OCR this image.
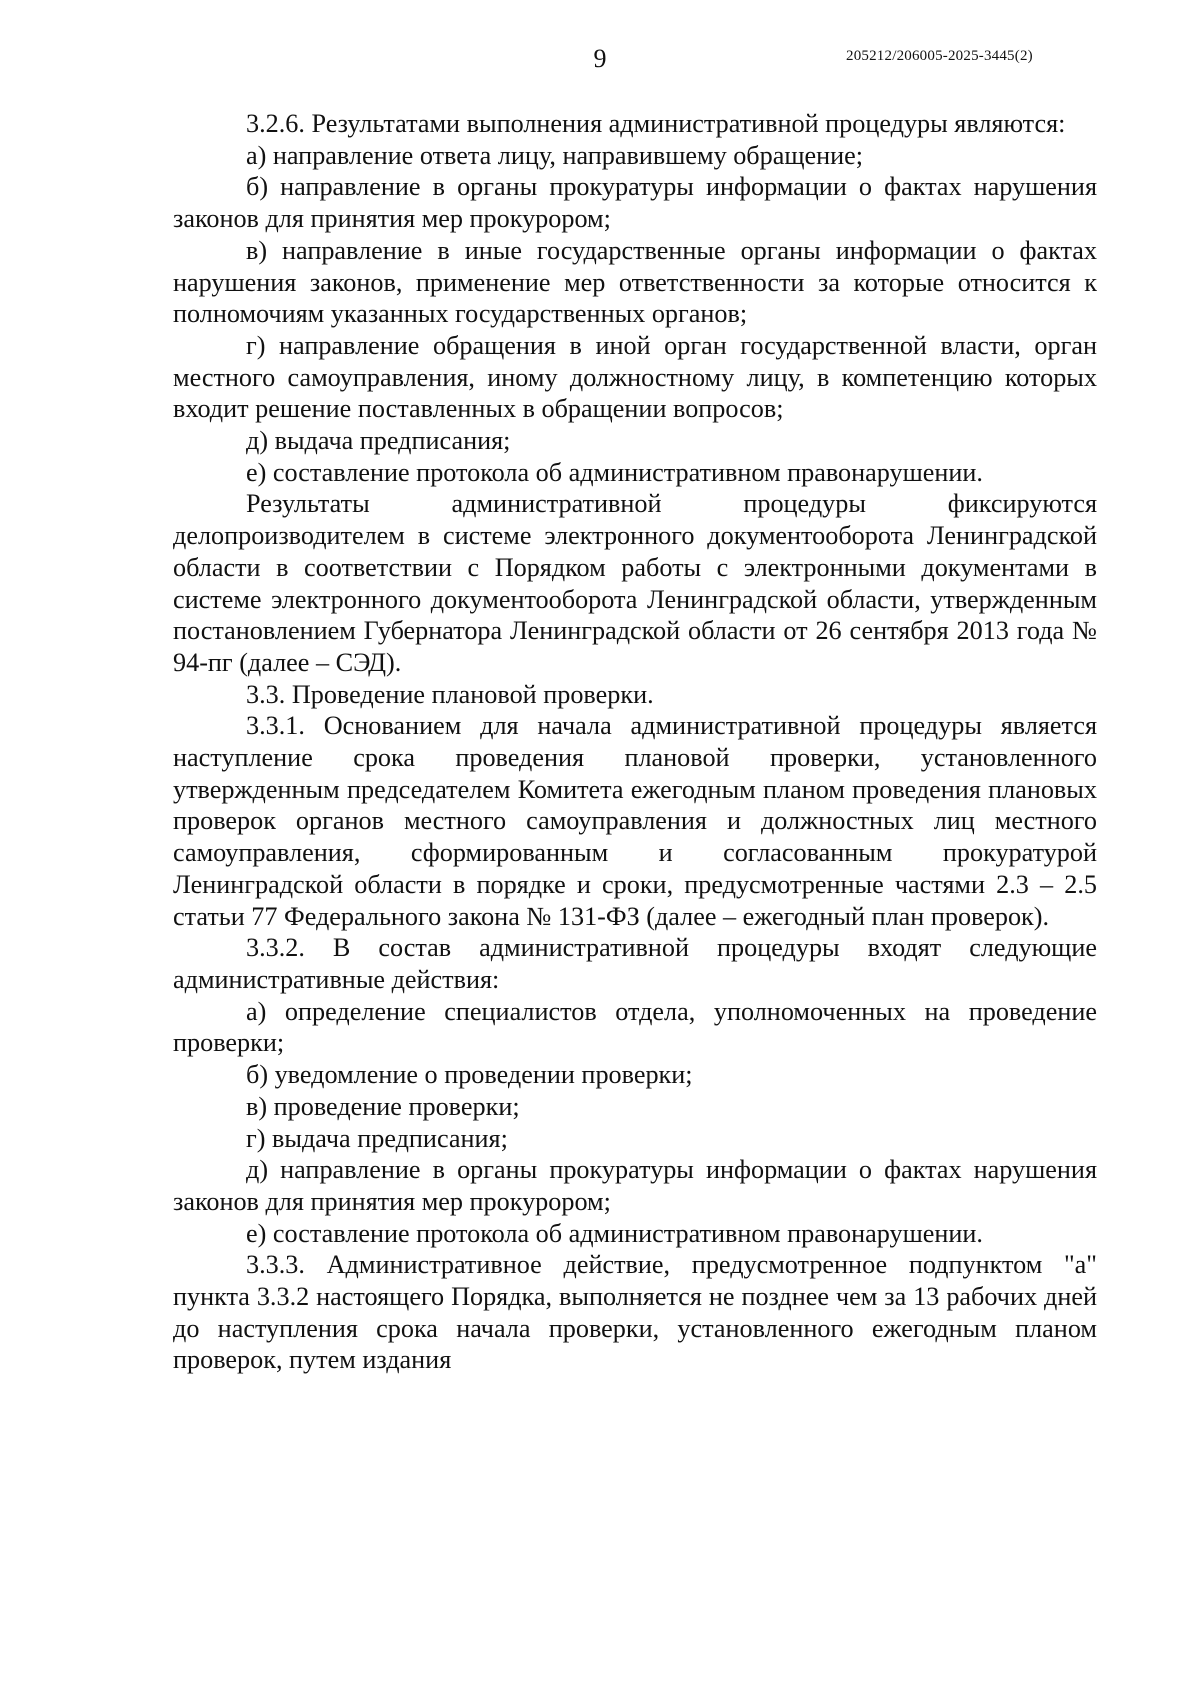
9	205212/206005-2025-3445(2)

3.2.6. Результатами выполнения административной процедуры являются:

а) направление ответа лицу, направившему обращение;

б) направление в органы прокуратуры информации о фактах нарушения законов для принятия мер прокурором;

в) направление в иные государственные органы информации о фактах нарушения законов, применение мер ответственности за которые относится к полномочиям указанных государственных органов;

г) направление обращения в иной орган государственной власти, орган местного самоуправления, иному должностному лицу, в компетенцию которых входит решение поставленных в обращении вопросов;

д) выдача предписания;

е) составление протокола об административном правонарушении.

Результаты административной процедуры фиксируются делопроизводителем в системе электронного документооборота Ленинградской области в соответствии с Порядком работы с электронными документами в системе электронного документооборота Ленинградской области, утвержденным постановлением Губернатора Ленинградской области от 26 сентября 2013 года № 94-пг (далее – СЭД).

3.3. Проведение плановой проверки.

3.3.1. Основанием для начала административной процедуры является наступление срока проведения плановой проверки, установленного утвержденным председателем Комитета ежегодным планом проведения плановых проверок органов местного самоуправления и должностных лиц местного самоуправления, сформированным и согласованным прокуратурой Ленинградской области в порядке и сроки, предусмотренные частями 2.3 – 2.5 статьи 77 Федерального закона № 131-ФЗ (далее – ежегодный план проверок).

3.3.2. В состав административной процедуры входят следующие административные действия:

а) определение специалистов отдела, уполномоченных на проведение проверки;

б) уведомление о проведении проверки;

в) проведение проверки;

г) выдача предписания;

д) направление в органы прокуратуры информации о фактах нарушения законов для принятия мер прокурором;

е) составление протокола об административном правонарушении.

3.3.3. Административное действие, предусмотренное подпунктом "а" пункта 3.3.2 настоящего Порядка, выполняется не позднее чем за 13 рабочих дней до наступления срока начала проверки, установленного ежегодным планом проверок, путем издания
